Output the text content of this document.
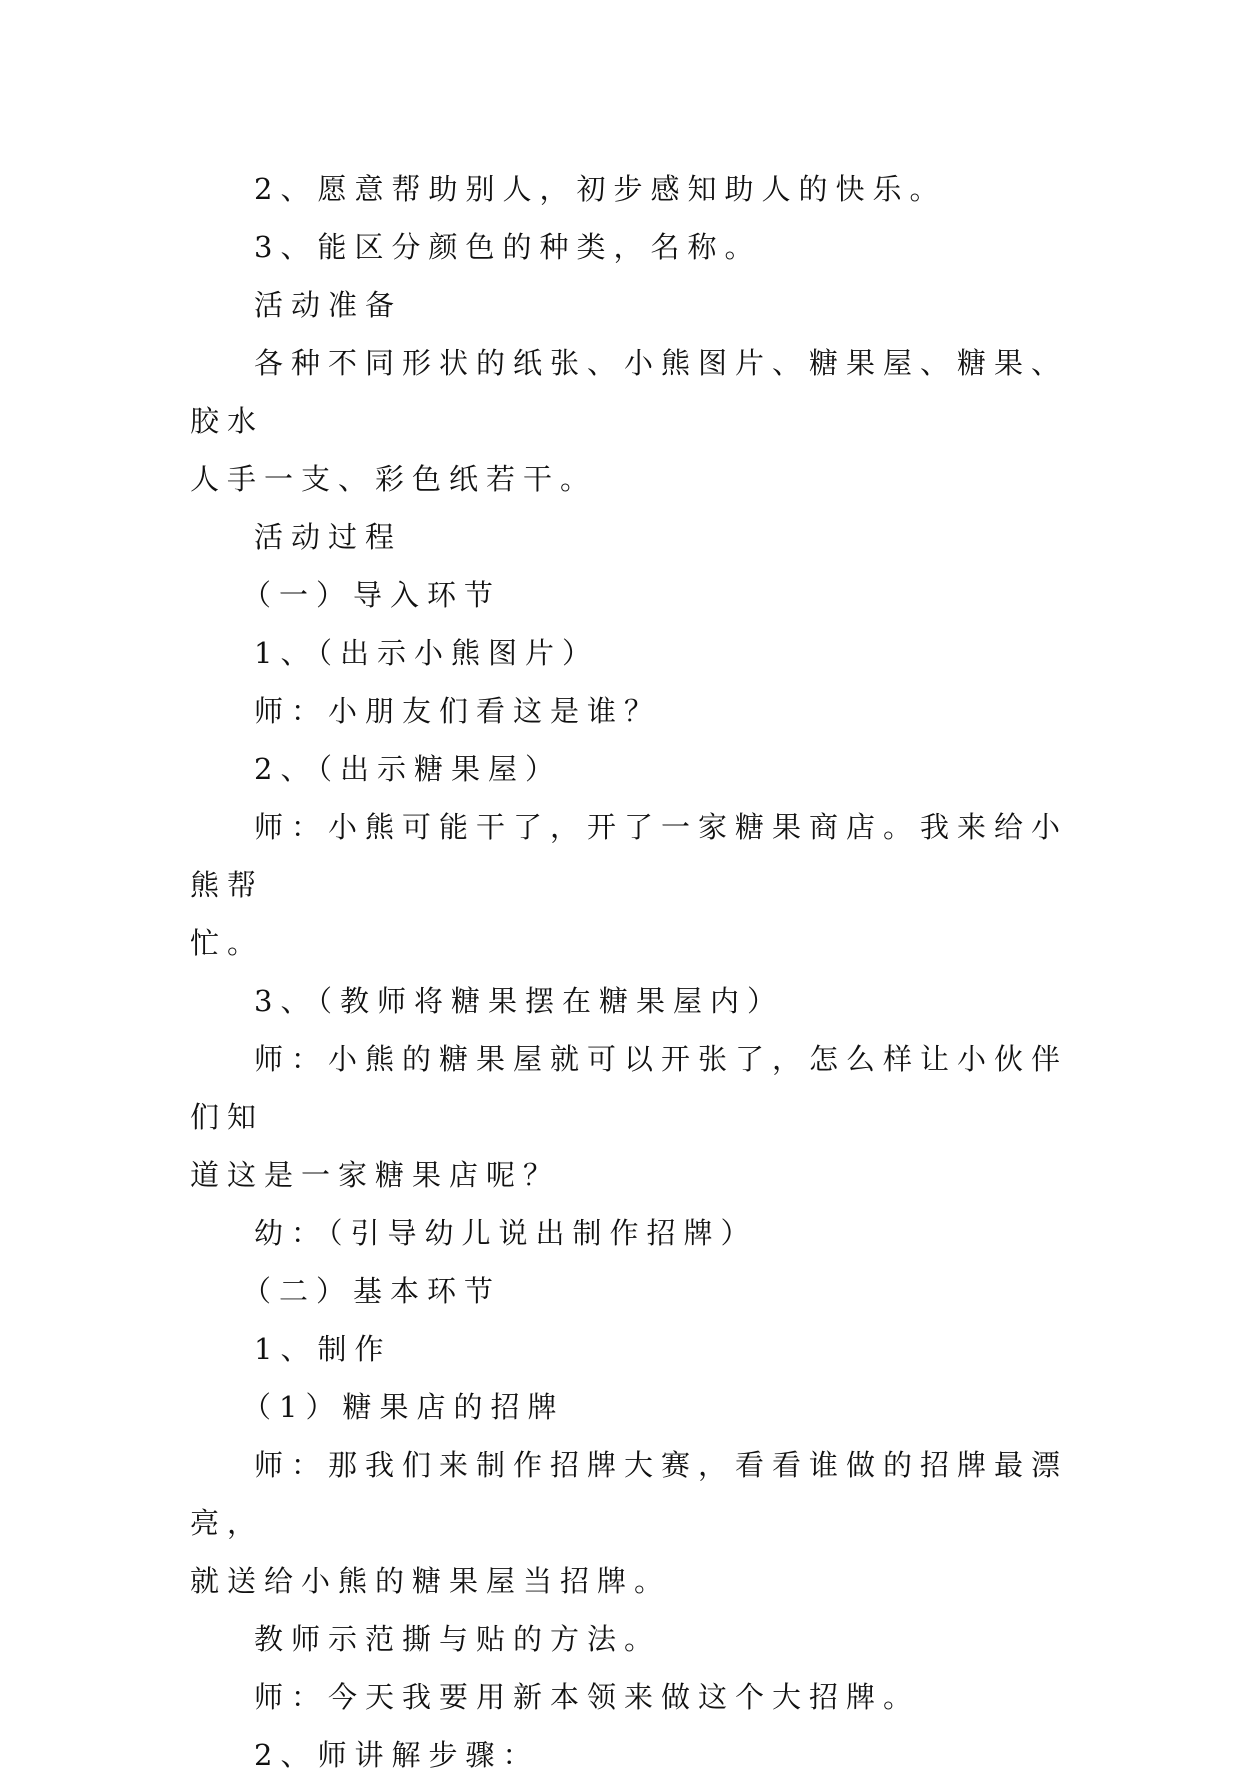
2、愿意帮助别人，初步感知助人的快乐。

3、能区分颜色的种类，名称。

活动准备

各种不同形状的纸张、小熊图片、糖果屋、糖果、胶水

人手一支、彩色纸若干。

活动过程

（一）导入环节

1、（出示小熊图片）

师：小朋友们看这是谁？

2、（出示糖果屋）

师：小熊可能干了，开了一家糖果商店。我来给小熊帮

忙。

3、（教师将糖果摆在糖果屋内）

师：小熊的糖果屋就可以开张了，怎么样让小伙伴们知

道这是一家糖果店呢？

幼：（引导幼儿说出制作招牌）

（二）基本环节

1、制作

（1）糖果店的招牌

师：那我们来制作招牌大赛，看看谁做的招牌最漂亮，

就送给小熊的糖果屋当招牌。

教师示范撕与贴的方法。

师：今天我要用新本领来做这个大招牌。

2、师讲解步骤：
